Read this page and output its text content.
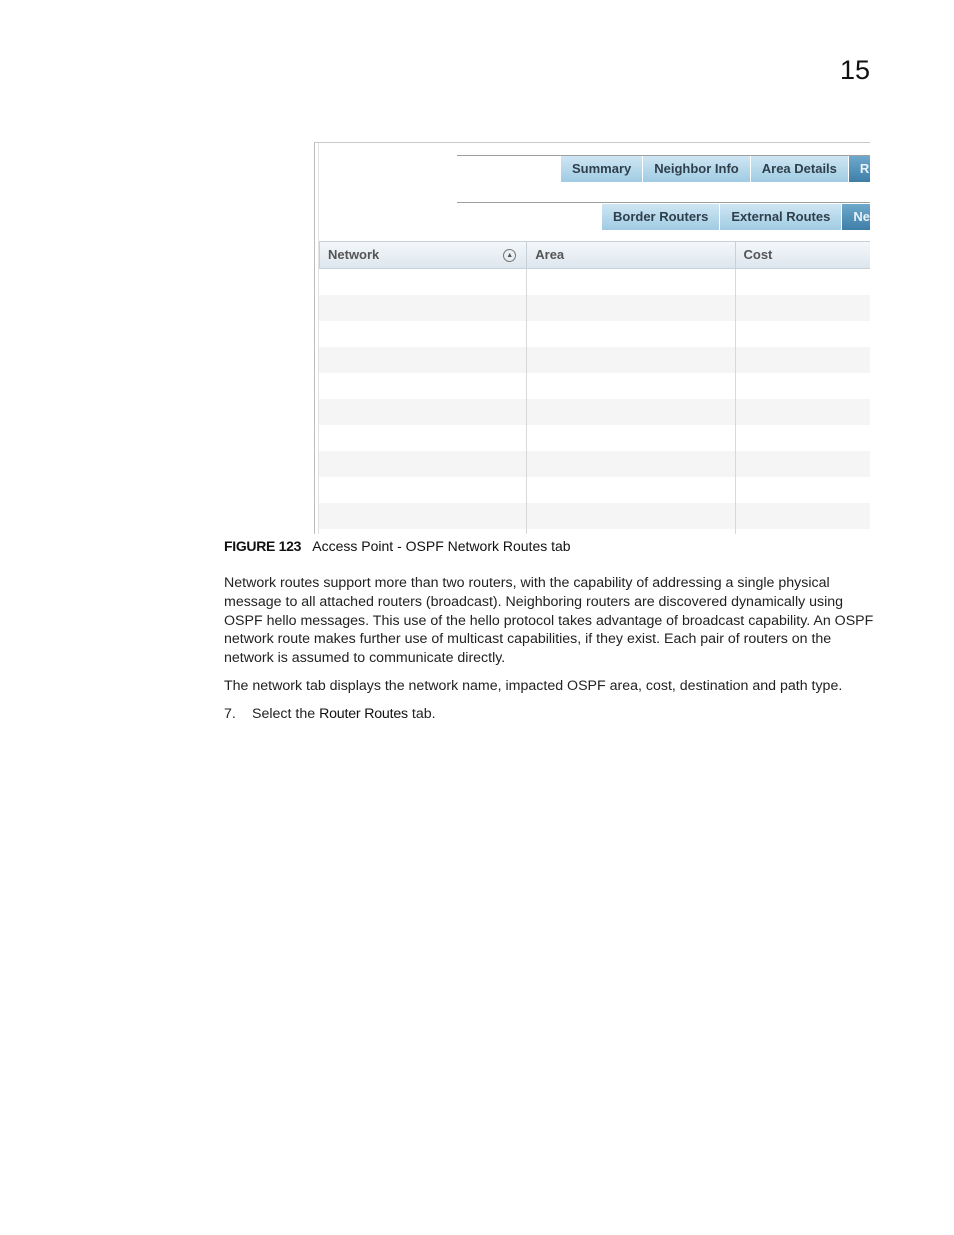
15
Summary	Neighbor Info	Area Details	R
Border Routers	External Routes	Ne
Network	▲	Area	Cost
FIGURE 123 Access Point - OSPF Network Routes tab
Network routes support more than two routers, with the capability of addressing a single physical message to all attached routers (broadcast). Neighboring routers are discovered dynamically using OSPF hello messages. This use of the hello protocol takes advantage of broadcast capability. An OSPF network route makes further use of multicast capabilities, if they exist. Each pair of routers on the network is assumed to communicate directly.
The network tab displays the network name, impacted OSPF area, cost, destination and path type.
7. Select the Router Routes tab.
